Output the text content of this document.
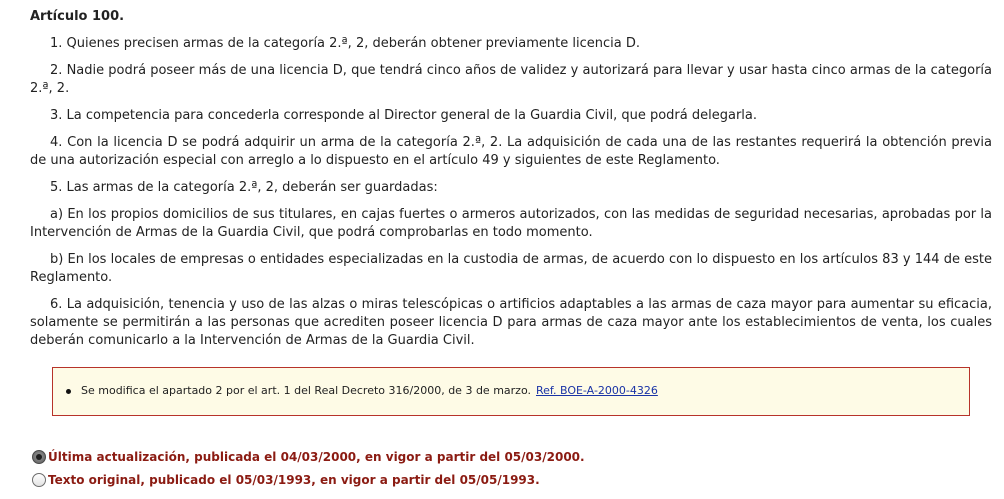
Artículo 100.

1. Quienes precisen armas de la categoría 2.ª, 2, deberán obtener previamente licencia D.

2. Nadie podrá poseer más de una licencia D, que tendrá cinco años de validez y autorizará para llevar y usar hasta cinco armas de la categoría 2.ª, 2.

3. La competencia para concederla corresponde al Director general de la Guardia Civil, que podrá delegarla.

4. Con la licencia D se podrá adquirir un arma de la categoría 2.ª, 2. La adquisición de cada una de las restantes requerirá la obtención previa de una autorización especial con arreglo a lo dispuesto en el artículo 49 y siguientes de este Reglamento.

5. Las armas de la categoría 2.ª, 2, deberán ser guardadas:

a) En los propios domicilios de sus titulares, en cajas fuertes o armeros autorizados, con las medidas de seguridad necesarias, aprobadas por la Intervención de Armas de la Guardia Civil, que podrá comprobarlas en todo momento.

b) En los locales de empresas o entidades especializadas en la custodia de armas, de acuerdo con lo dispuesto en los artículos 83 y 144 de este Reglamento.

6. La adquisición, tenencia y uso de las alzas o miras telescópicas o artificios adaptables a las armas de caza mayor para aumentar su eficacia, solamente se permitirán a las personas que acrediten poseer licencia D para armas de caza mayor ante los establecimientos de venta, los cuales deberán comunicarlo a la Intervención de Armas de la Guardia Civil.

Se modifica el apartado 2 por el art. 1 del Real Decreto 316/2000, de 3 de marzo. Ref. BOE-A-2000-4326
Última actualización, publicada el 04/03/2000, en vigor a partir del 05/03/2000.
Texto original, publicado el 05/03/1993, en vigor a partir del 05/05/1993.
